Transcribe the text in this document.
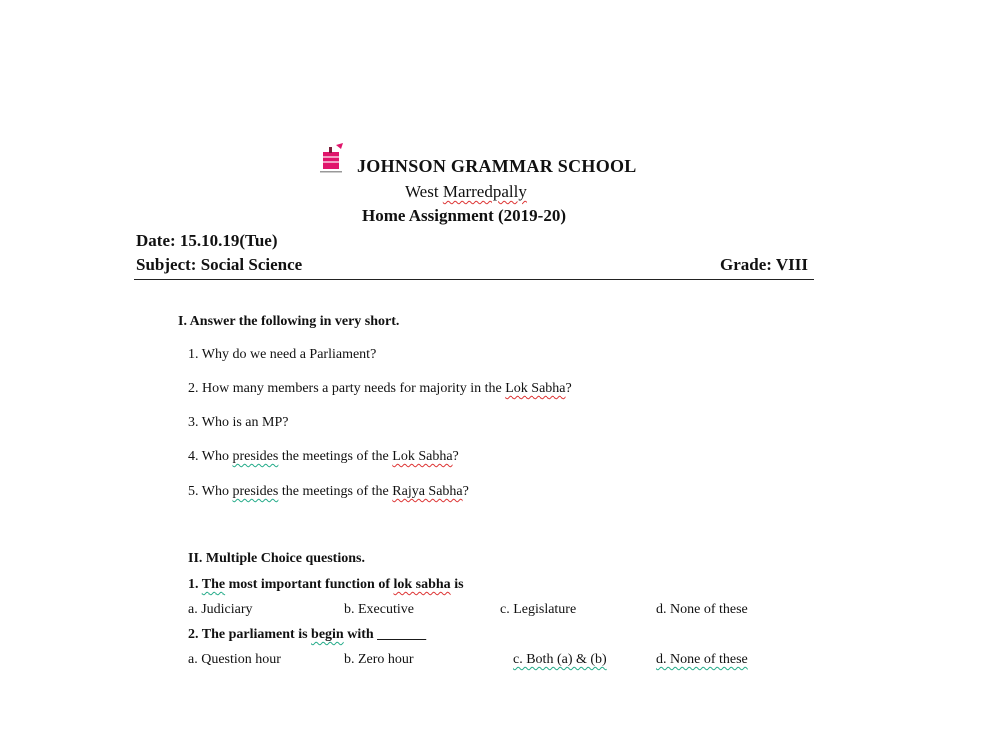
JOHNSON GRAMMAR SCHOOL
West Marredpally
Home Assignment (2019-20)
Date: 15.10.19(Tue)
Subject: Social Science	Grade: VIII
I. Answer the following in very short.
1. Why do we need a Parliament?
2. How many members a party needs for majority in the Lok Sabha?
3. Who is an MP?
4. Who presides the meetings of the Lok Sabha?
5. Who presides the meetings of the Rajya Sabha?
II. Multiple Choice questions.
1. The most important function of lok sabha is
a. Judiciary	b. Executive	c. Legislature	d. None of these
2. The parliament is begin with _______
a. Question hour	b. Zero hour	c. Both (a) & (b)	d. None of these
